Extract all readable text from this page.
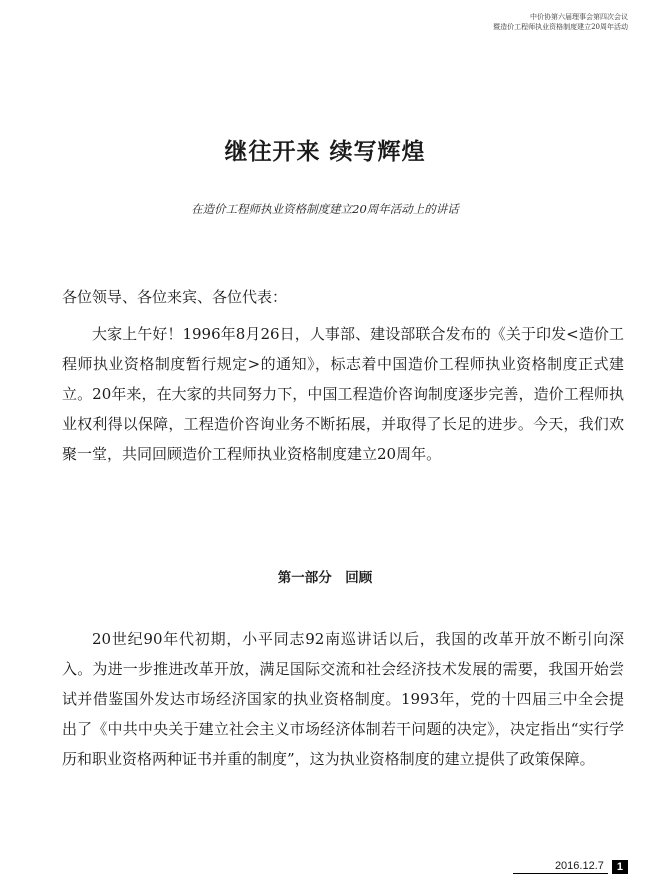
中价协第六届理事会第四次会议
暨造价工程师执业资格制度建立20周年活动
继往开来 续写辉煌
在造价工程师执业资格制度建立20周年活动上的讲话
各位领导、各位来宾、各位代表：
大家上午好！1996年8月26日，人事部、建设部联合发布的《关于印发<造价工程师执业资格制度暂行规定>的通知》，标志着中国造价工程师执业资格制度正式建立。20年来，在大家的共同努力下，中国工程造价咨询制度逐步完善，造价工程师执业权利得以保障，工程造价咨询业务不断拓展，并取得了长足的进步。今天，我们欢聚一堂，共同回顾造价工程师执业资格制度建立20周年。
第一部分　回顾
20世纪90年代初期，小平同志92南巡讲话以后，我国的改革开放不断引向深入。为进一步推进改革开放，满足国际交流和社会经济技术发展的需要，我国开始尝试并借鉴国外发达市场经济国家的执业资格制度。1993年，党的十四届三中全会提出了《中共中央关于建立社会主义市场经济体制若干问题的决定》，决定指出“实行学历和职业资格两种证书并重的制度”，这为执业资格制度的建立提供了政策保障。
2016.12.7	1
